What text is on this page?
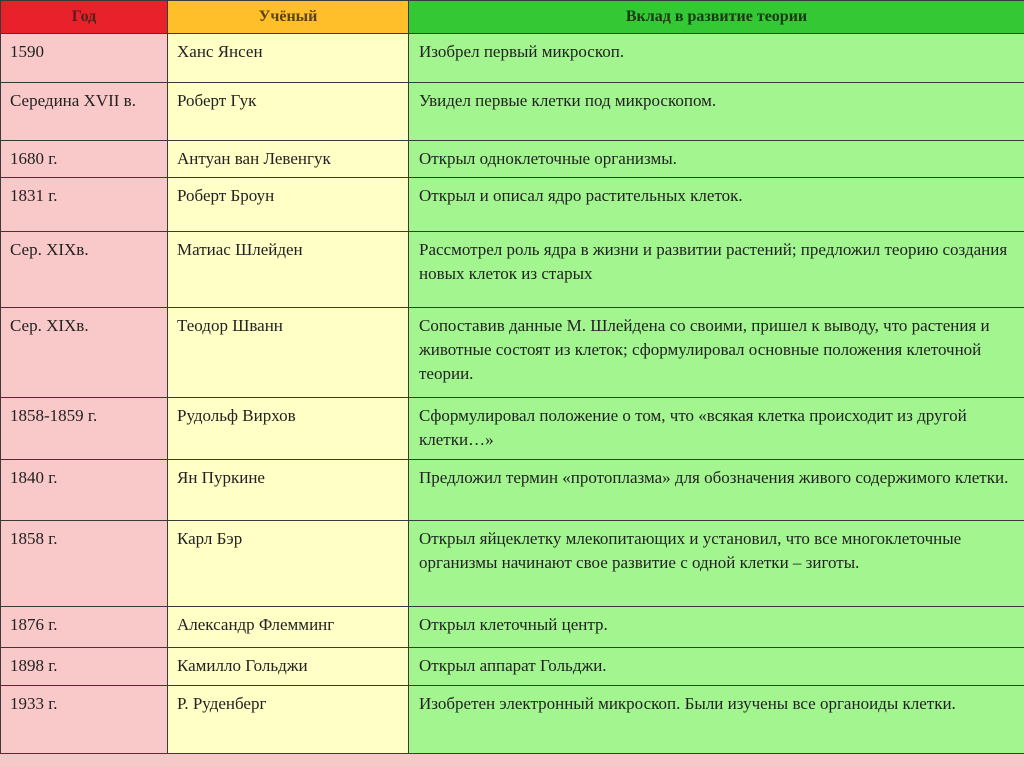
Год	Учёный	Вклад в развитие теории
1590	Ханс Янсен	Изобрел первый микроскоп.
Середина XVII в.	Роберт Гук	Увидел первые клетки под микроскопом.
1680 г.	Антуан ван Левенгук	Открыл одноклеточные организмы.
1831 г.	Роберт Броун	Открыл и описал ядро растительных клеток.
Сер. XIXв.	Матиас Шлейден	Рассмотрел роль ядра в жизни и развитии растений; предложил теорию создания новых клеток из старых
Сер. XIXв.	Теодор Шванн	Сопоставив данные М. Шлейдена со своими, пришел к выводу, что растения и животные состоят из клеток; сформулировал основные положения клеточной теории.
1858-1859 г.	Рудольф Вирхов	Сформулировал положение о том, что «всякая клетка происходит из другой клетки…»
1840 г.	Ян Пуркине	Предложил термин «протоплазма» для обозначения живого содержимого клетки.
1858 г.	Карл Бэр	Открыл яйцеклетку млекопитающих и установил, что все многоклеточные организмы начинают свое развитие с одной клетки – зиготы.
1876 г.	Александр Флемминг	Открыл клеточный центр.
1898 г.	Камилло Гольджи	Открыл аппарат Гольджи.
1933 г.	Р. Руденберг	Изобретен электронный микроскоп. Были изучены все органоиды клетки.
